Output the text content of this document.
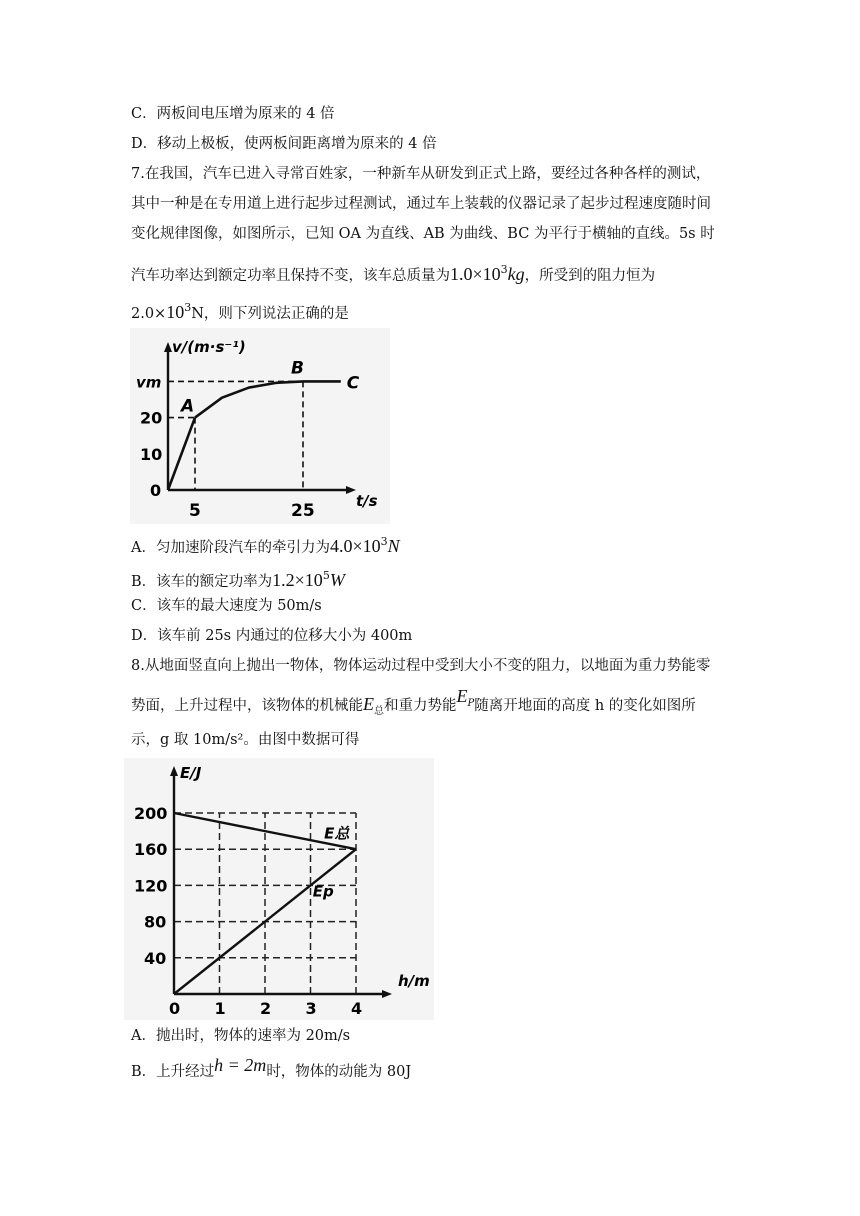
C．两板间电压增为原来的 4 倍
D．移动上极板，使两板间距离增为原来的 4 倍
7.在我国，汽车已进入寻常百姓家，一种新车从研发到正式上路，要经过各种各样的测试，
其中一种是在专用道上进行起步过程测试，通过车上装载的仪器记录了起步过程速度随时间
变化规律图像，如图所示，已知 OA 为直线、AB 为曲线、BC 为平行于横轴的直线。5s 时
汽车功率达到额定功率且保持不变，该车总质量为$1.0\times 10^3kg$，所受到的阻力恒为
$2.0\times 10^3N$，则下列说法正确的是
v/(m·s⁻¹)
t/s
vm
20
10
0
5	25
A
B
C
A．匀加速阶段汽车的牵引力为$4.0\times 10^3N$
B．该车的额定功率为$1.2\times 10^5W$
C．该车的最大速度为 50m/s
D．该车前 25s 内通过的位移大小为 400m
8.从地面竖直向上抛出一物体，物体运动过程中受到大小不变的阻力，以地面为重力势能零
势面，上升过程中，该物体的机械能$E_总$和重力势能$E_P$随离开地面的高度 h 的变化如图所
示，g 取 10m/s²。由图中数据可得
E/J
h/m
200
160
120
80
40
0 1 2 3 4
E总
Ep
A．抛出时，物体的速率为 20m/s
B．上升经过h = 2m时，物体的动能为 80J
